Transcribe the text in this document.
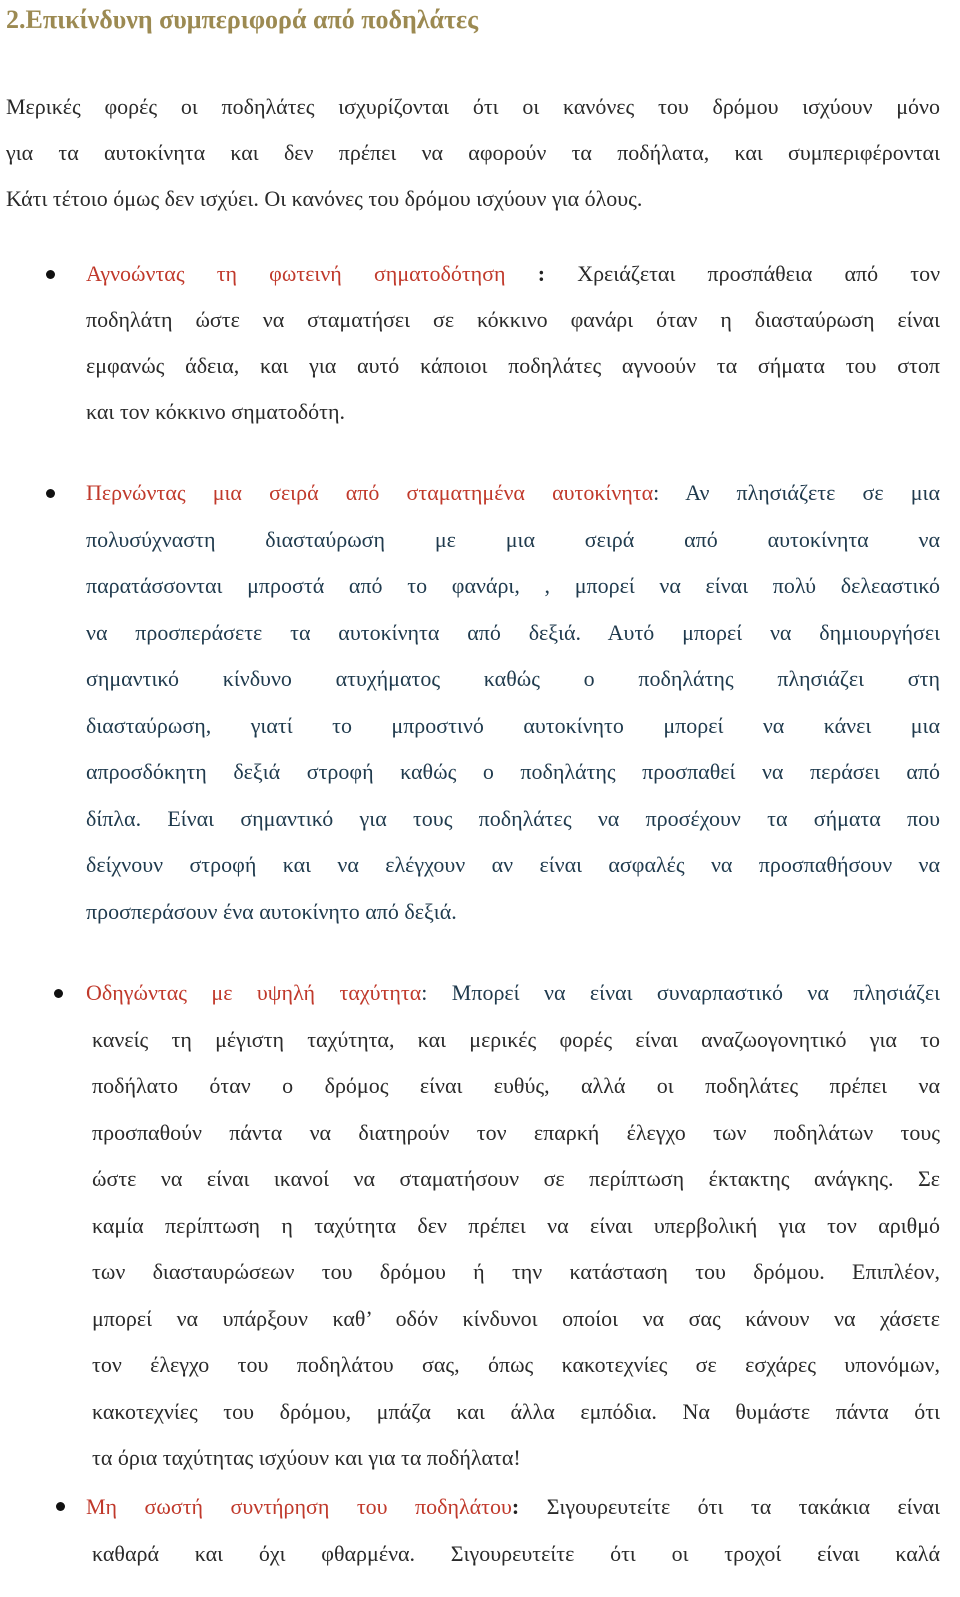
2.Επικίνδυνη συμπεριφορά από ποδηλάτες
Μερικές φορές οι ποδηλάτες ισχυρίζονται ότι οι κανόνες του δρόμου ισχύουν μόνο
για τα αυτοκίνητα και δεν πρέπει να αφορούν τα ποδήλατα, και συμπεριφέρονται
Κάτι τέτοιο όμως δεν ισχύει. Οι κανόνες του δρόμου ισχύουν για όλους.
Αγνοώντας τη φωτεινή σηματοδότηση : Χρειάζεται προσπάθεια από τον
ποδηλάτη ώστε να σταματήσει σε κόκκινο φανάρι όταν η διασταύρωση είναι
εμφανώς άδεια, και για αυτό κάποιοι ποδηλάτες αγνοούν τα σήματα του στοπ
και τον κόκκινο σηματοδότη.
Περνώντας μια σειρά από σταματημένα αυτοκίνητα: Αν πλησιάζετε σε μια
πολυσύχναστη διασταύρωση με μια σειρά από αυτοκίνητα να
παρατάσσονται μπροστά από το φανάρι, , μπορεί να είναι πολύ δελεαστικό
να προσπεράσετε τα αυτοκίνητα από δεξιά. Αυτό μπορεί να δημιουργήσει
σημαντικό κίνδυνο ατυχήματος καθώς ο ποδηλάτης πλησιάζει στη
διασταύρωση, γιατί το μπροστινό αυτοκίνητο μπορεί να κάνει μια
απροσδόκητη δεξιά στροφή καθώς ο ποδηλάτης προσπαθεί να περάσει από
δίπλα. Είναι σημαντικό για τους ποδηλάτες να προσέχουν τα σήματα που
δείχνουν στροφή και να ελέγχουν αν είναι ασφαλές να προσπαθήσουν να
προσπεράσουν ένα αυτοκίνητο από δεξιά.
Οδηγώντας με υψηλή ταχύτητα: Μπορεί να είναι συναρπαστικό να πλησιάζει
κανείς τη μέγιστη ταχύτητα, και μερικές φορές είναι αναζωογονητικό για το
ποδήλατο όταν ο δρόμος είναι ευθύς, αλλά οι ποδηλάτες πρέπει να
προσπαθούν πάντα να διατηρούν τον επαρκή έλεγχο των ποδηλάτων τους
ώστε να είναι ικανοί να σταματήσουν σε περίπτωση έκτακτης ανάγκης. Σε
καμία περίπτωση η ταχύτητα δεν πρέπει να είναι υπερβολική για τον αριθμό
των διασταυρώσεων του δρόμου ή την κατάσταση του δρόμου. Επιπλέον,
μπορεί να υπάρξουν καθ’ οδόν κίνδυνοι οποίοι να σας κάνουν να χάσετε
τον έλεγχο του ποδηλάτου σας, όπως κακοτεχνίες σε εσχάρες υπονόμων,
κακοτεχνίες του δρόμου, μπάζα και άλλα εμπόδια. Να θυμάστε πάντα ότι
τα όρια ταχύτητας ισχύουν και για τα ποδήλατα!
Μη σωστή συντήρηση του ποδηλάτου: Σιγουρευτείτε ότι τα τακάκια είναι
καθαρά και όχι φθαρμένα. Σιγουρευτείτε ότι οι τροχοί είναι καλά
